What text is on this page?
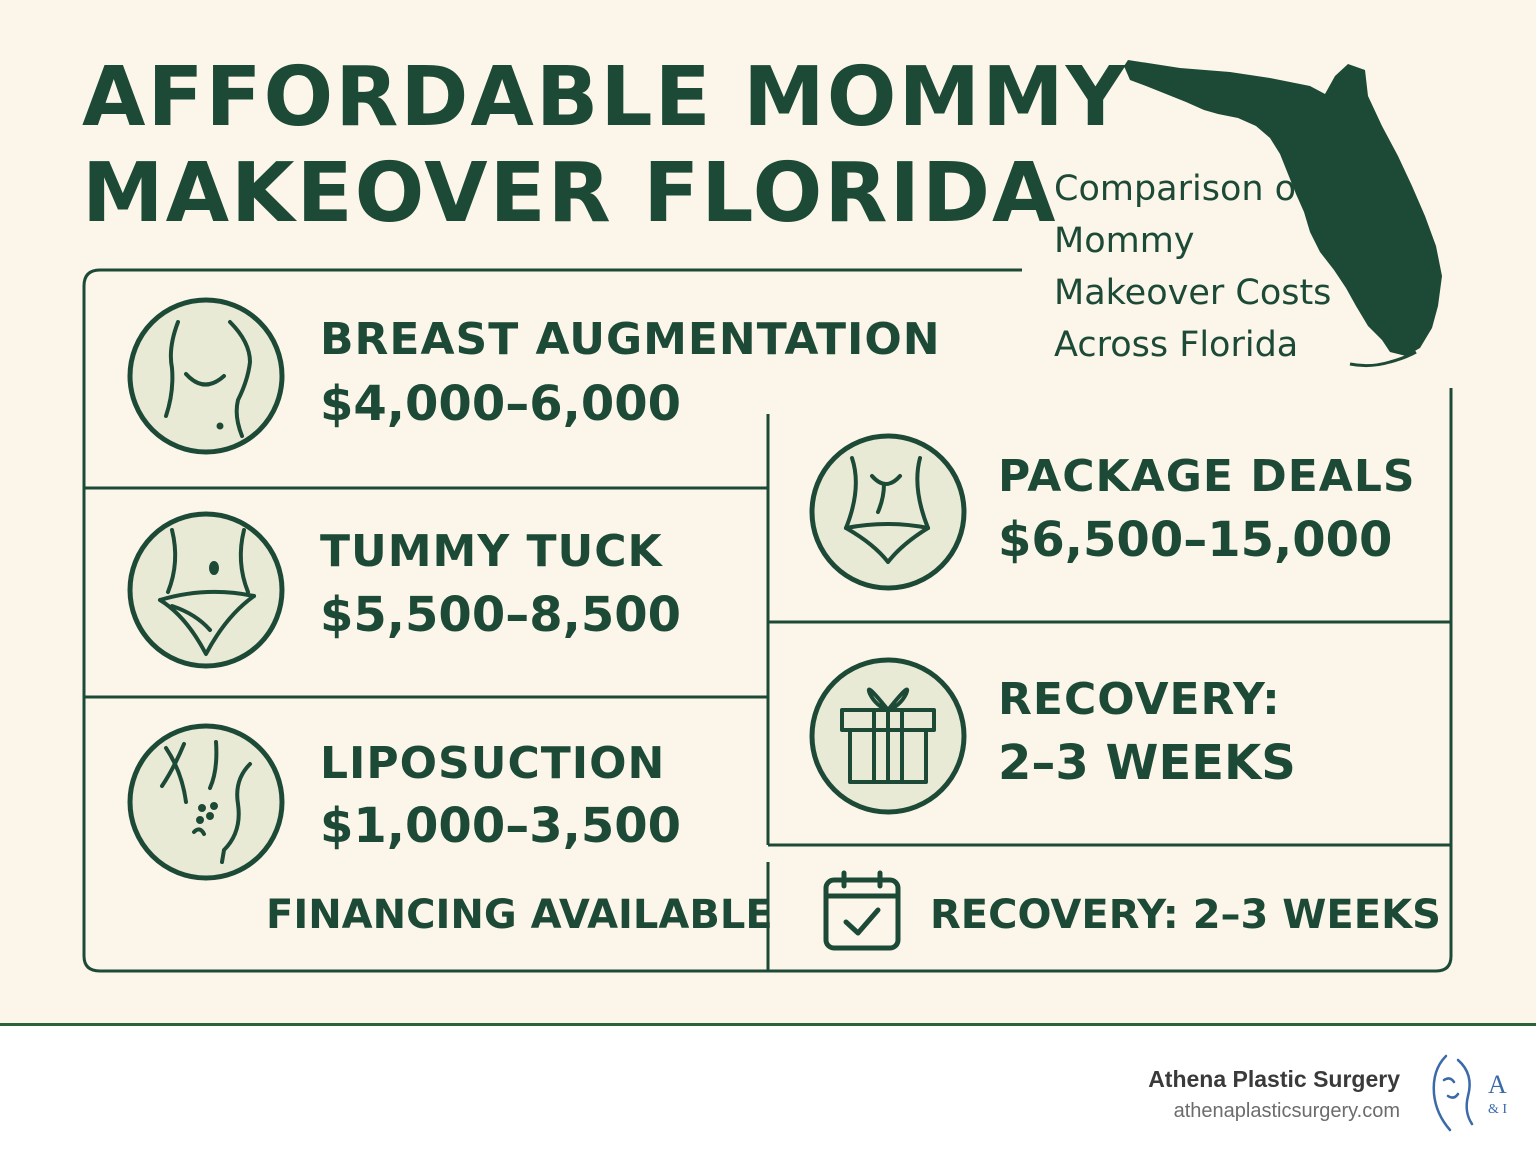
AFFORDABLE MOMMY
MAKEOVER FLORIDA
Comparison of Mommy Makeover Costs Across Florida
BREAST AUGMENTATION
$4,000–6,000
TUMMY TUCK
$5,500–8,500
LIPOSUCTION
$1,000–3,500
PACKAGE DEALS
$6,500–15,000
RECOVERY:
2–3 WEEKS
FINANCING AVAILABLE	RECOVERY: 2–3 WEEKS
Athena Plastic Surgery
athenaplasticsurgery.com
A
& I
